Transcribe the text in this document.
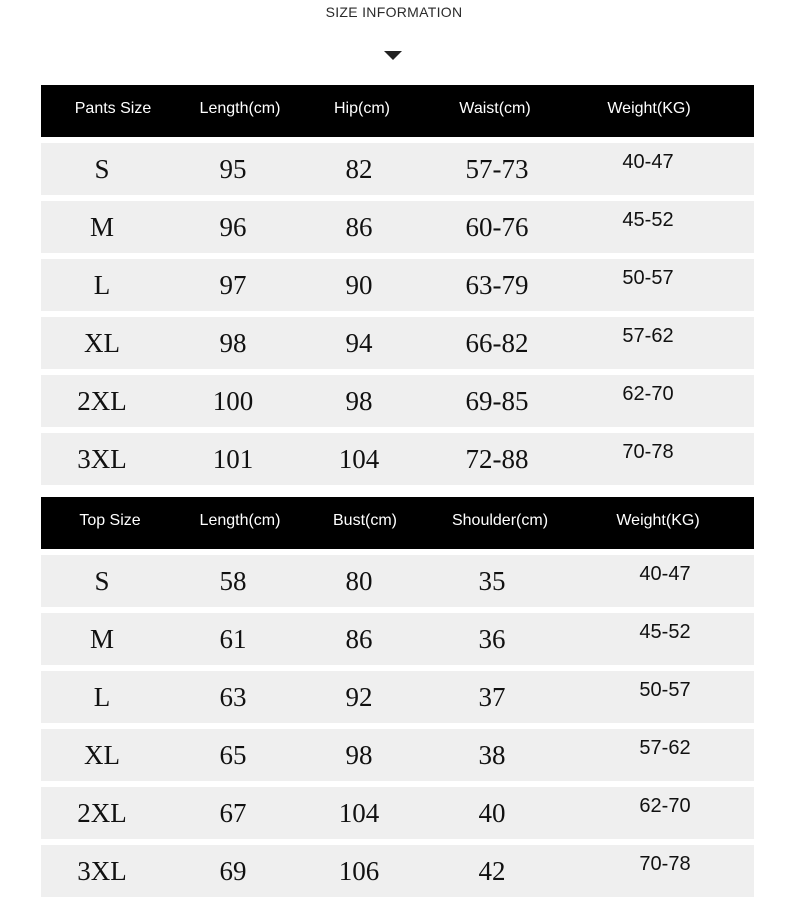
SIZE INFORMATION
Pants Size	Length(cm)	Hip(cm)	Waist(cm)	Weight(KG)
S	95	82	57-73	40-47
M	96	86	60-76	45-52
L	97	90	63-79	50-57
XL	98	94	66-82	57-62
2XL	100	98	69-85	62-70
3XL	101	104	72-88	70-78
Top Size	Length(cm)	Bust(cm)	Shoulder(cm)	Weight(KG)
S	58	80	35	40-47
M	61	86	36	45-52
L	63	92	37	50-57
XL	65	98	38	57-62
2XL	67	104	40	62-70
3XL	69	106	42	70-78
